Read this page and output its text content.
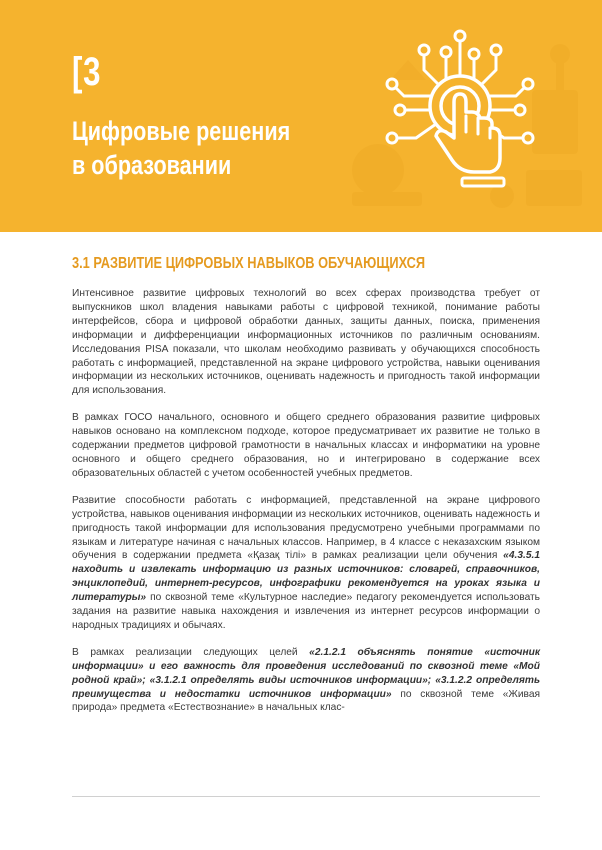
[3
Цифровые решения
в образовании
3.1 РАЗВИТИЕ ЦИФРОВЫХ НАВЫКОВ ОБУЧАЮЩИХСЯ

Интенсивное развитие цифровых технологий во всех сферах производства требует от выпускников школ владения навыками работы с цифровой техникой, понимание работы интерфейсов, сбора и цифровой обработки данных, защиты данных, поиска, применения информации и дифференциации информационных источников по различным основаниям. Исследования PISA показали, что школам необходимо развивать у обучающихся способность работать с информацией, представленной на экране цифрового устройства, навыки оценивания информации из нескольких источников, оценивать надежность и пригодность такой информации для использования.

В рамках ГОСО начального, основного и общего среднего образования развитие цифровых навыков основано на комплексном подходе, которое предусматривает их развитие не только в содержании предметов цифровой грамотности в начальных классах и информатики на уровне основного и общего среднего образования, но и интегрировано в содержание всех образовательных областей с учетом особенностей учебных предметов.

Развитие способности работать с информацией, представленной на экране цифрового устройства, навыков оценивания информации из нескольких источников, оценивать надежность и пригодность такой информации для использования предусмотрено учебными программами по языкам и литературе начиная с начальных классов. Например, в 4 классе с неказахским языком обучения в содержании предмета «Қазақ тілі» в рамках реализации цели обучения «4.3.5.1 находить и извлекать информацию из разных источников: словарей, справочников, энциклопедий, интернет-ресурсов, инфографики рекомендуется на уроках языка и литературы» по сквозной теме «Культурное наследие» педагогу рекомендуется использовать задания на развитие навыка нахождения и извлечения из интернет ресурсов информации о народных традициях и обычаях.

В рамках реализации следующих целей «2.1.2.1 объяснять понятие «источник информации» и его важность для проведения исследований по сквозной теме «Мой родной край»; «3.1.2.1 определять виды источников информации»; «3.1.2.2 определять преимущества и недостатки источников информации» по сквозной теме «Живая природа» предмета «Естествознание» в начальных клас-
